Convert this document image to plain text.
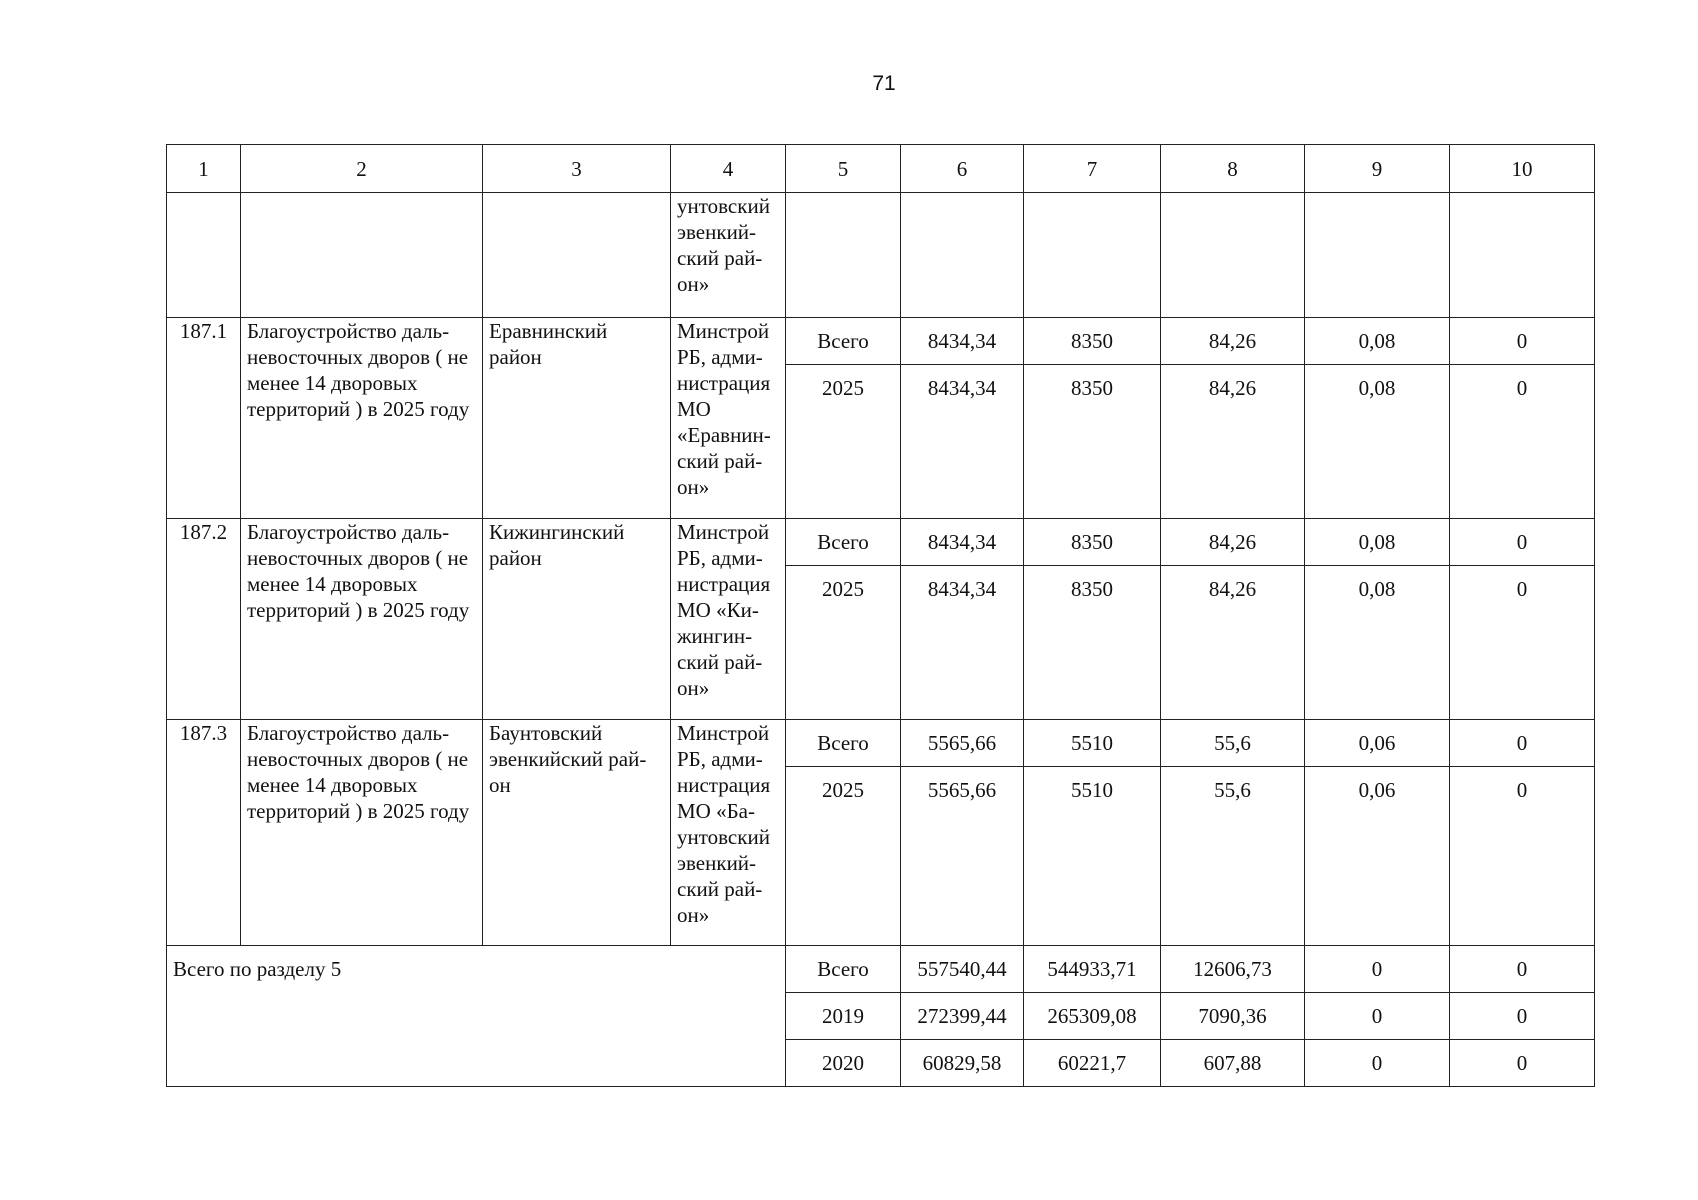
71
1	2	3	4	5	6	7	8	9	10
			унтовский эвенкий-ский рай-он»						
187.1	Благоустройство даль-невосточных дворов ( не менее 14 дворовых территорий ) в 2025 году	Еравнинский район	Минстрой РБ, адми-нистрация МО «Еравнин-ский рай-он»	Всего	8434,34	8350	84,26	0,08	0
				2025	8434,34	8350	84,26	0,08	0
187.2	Благоустройство даль-невосточных дворов ( не менее 14 дворовых территорий ) в 2025 году	Кижингинский район	Минстрой РБ, адми-нистрация МО «Ки-жингин-ский рай-он»	Всего	8434,34	8350	84,26	0,08	0
				2025	8434,34	8350	84,26	0,08	0
187.3	Благоустройство даль-невосточных дворов ( не менее 14 дворовых территорий ) в 2025 году	Баунтовский эвенкийский рай-он	Минстрой РБ, адми-нистрация МО «Ба-унтовский эвенкий-ский рай-он»	Всего	5565,66	5510	55,6	0,06	0
				2025	5565,66	5510	55,6	0,06	0
Всего по разделу 5				Всего	557540,44	544933,71	12606,73	0	0
				2019	272399,44	265309,08	7090,36	0	0
				2020	60829,58	60221,7	607,88	0	0
